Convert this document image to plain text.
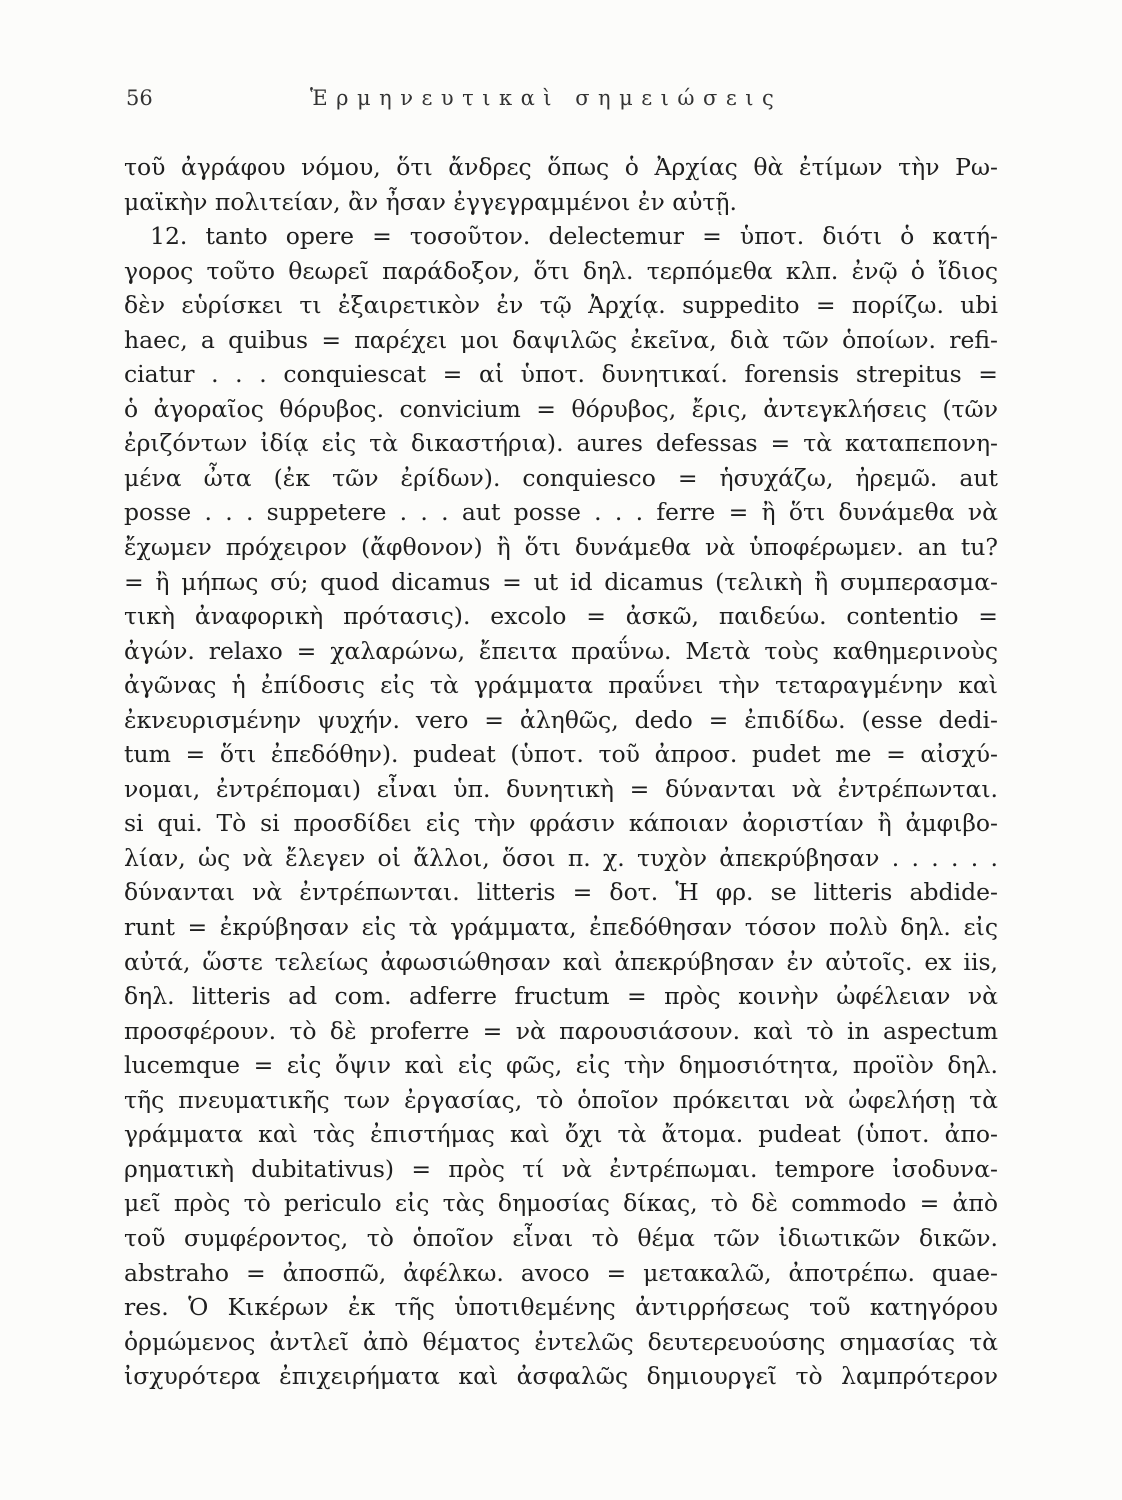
56	Ἑρμηνευτικαὶ σημειώσεις
τοῦ ἀγράφου νόμου, ὅτι ἄνδρες ὅπως ὁ Ἀρχίας θὰ ἐτίμων τὴν Ρω-
μαϊκὴν πολιτείαν, ἂν ἦσαν ἐγγεγραμμένοι ἐν αὐτῇ.
12. tanto opere = τοσοῦτον. delectemur = ὑποτ. διότι ὁ κατή-
γορος τοῦτο θεωρεῖ παράδοξον, ὅτι δηλ. τερπόμεθα κλπ. ἐνῷ ὁ ἴδιος
δὲν εὑρίσκει τι ἐξαιρετικὸν ἐν τῷ Ἀρχίᾳ. suppedito = πορίζω. ubi
haec, a quibus = παρέχει μοι δαψιλῶς ἐκεῖνα, διὰ τῶν ὁποίων. refi-
ciatur . . . conquiescat = αἱ ὑποτ. δυνητικαί. forensis strepitus =
ὁ ἀγοραῖος θόρυβος. convicium = θόρυβος, ἔρις, ἀντεγκλήσεις (τῶν
ἐριζόντων ἰδίᾳ εἰς τὰ δικαστήρια). aures defessas = τὰ καταπεπονη-
μένα ὦτα (ἐκ τῶν ἐρίδων). conquiesco = ἡσυχάζω, ἠρεμῶ. aut
posse . . . suppetere . . . aut posse . . . ferre = ἢ ὅτι δυνάμεθα νὰ
ἔχωμεν πρόχειρον (ἄφθονον) ἢ ὅτι δυνάμεθα νὰ ὑποφέρωμεν. an tu?
= ἢ μήπως σύ; quod dicamus = ut id dicamus (τελικὴ ἢ συμπερασμα-
τικὴ ἀναφορικὴ πρότασις). excolo = ἀσκῶ, παιδεύω. contentio =
ἀγών. relaxo = χαλαρώνω, ἔπειτα πραΰνω. Μετὰ τοὺς καθημερινοὺς
ἀγῶνας ἡ ἐπίδοσις εἰς τὰ γράμματα πραΰνει τὴν τεταραγμένην καὶ
ἐκνευρισμένην ψυχήν. vero = ἀληθῶς, dedo = ἐπιδίδω. (esse dedi-
tum = ὅτι ἐπεδόθην). pudeat (ὑποτ. τοῦ ἀπροσ. pudet me = αἰσχύ-
νομαι, ἐντρέπομαι) εἶναι ὑπ. δυνητικὴ = δύνανται νὰ ἐντρέπωνται.
si qui. Τὸ si προσδίδει εἰς τὴν φράσιν κάποιαν ἀοριστίαν ἢ ἀμφιβο-
λίαν, ὡς νὰ ἔλεγεν οἱ ἄλλοι, ὅσοι π. χ. τυχὸν ἀπεκρύβησαν . . . . . .
δύνανται νὰ ἐντρέπωνται. litteris = δοτ. Ἡ φρ. se litteris abdide-
runt = ἐκρύβησαν εἰς τὰ γράμματα, ἐπεδόθησαν τόσον πολὺ δηλ. εἰς
αὐτά, ὥστε τελείως ἀφωσιώθησαν καὶ ἀπεκρύβησαν ἐν αὐτοῖς. ex iis,
δηλ. litteris ad com. adferre fructum = πρὸς κοινὴν ὠφέλειαν νὰ
προσφέρουν. τὸ δὲ proferre = νὰ παρουσιάσουν. καὶ τὸ in aspectum
lucemque = εἰς ὄψιν καὶ εἰς φῶς, εἰς τὴν δημοσιότητα, προϊὸν δηλ.
τῆς πνευματικῆς των ἐργασίας, τὸ ὁποῖον πρόκειται νὰ ὠφελήσῃ τὰ
γράμματα καὶ τὰς ἐπιστήμας καὶ ὄχι τὰ ἄτομα. pudeat (ὑποτ. ἀπο-
ρηματικὴ dubitativus) = πρὸς τί νὰ ἐντρέπωμαι. tempore ἰσοδυνα-
μεῖ πρὸς τὸ periculo εἰς τὰς δημοσίας δίκας, τὸ δὲ commodo = ἀπὸ
τοῦ συμφέροντος, τὸ ὁποῖον εἶναι τὸ θέμα τῶν ἰδιωτικῶν δικῶν.
abstraho = ἀποσπῶ, ἀφέλκω. avoco = μετακαλῶ, ἀποτρέπω. quae-
res. Ὁ Κικέρων ἐκ τῆς ὑποτιθεμένης ἀντιρρήσεως τοῦ κατηγόρου
ὁρμώμενος ἀντλεῖ ἀπὸ θέματος ἐντελῶς δευτερευούσης σημασίας τὰ
ἰσχυρότερα ἐπιχειρήματα καὶ ἀσφαλῶς δημιουργεῖ τὸ λαμπρότερον
